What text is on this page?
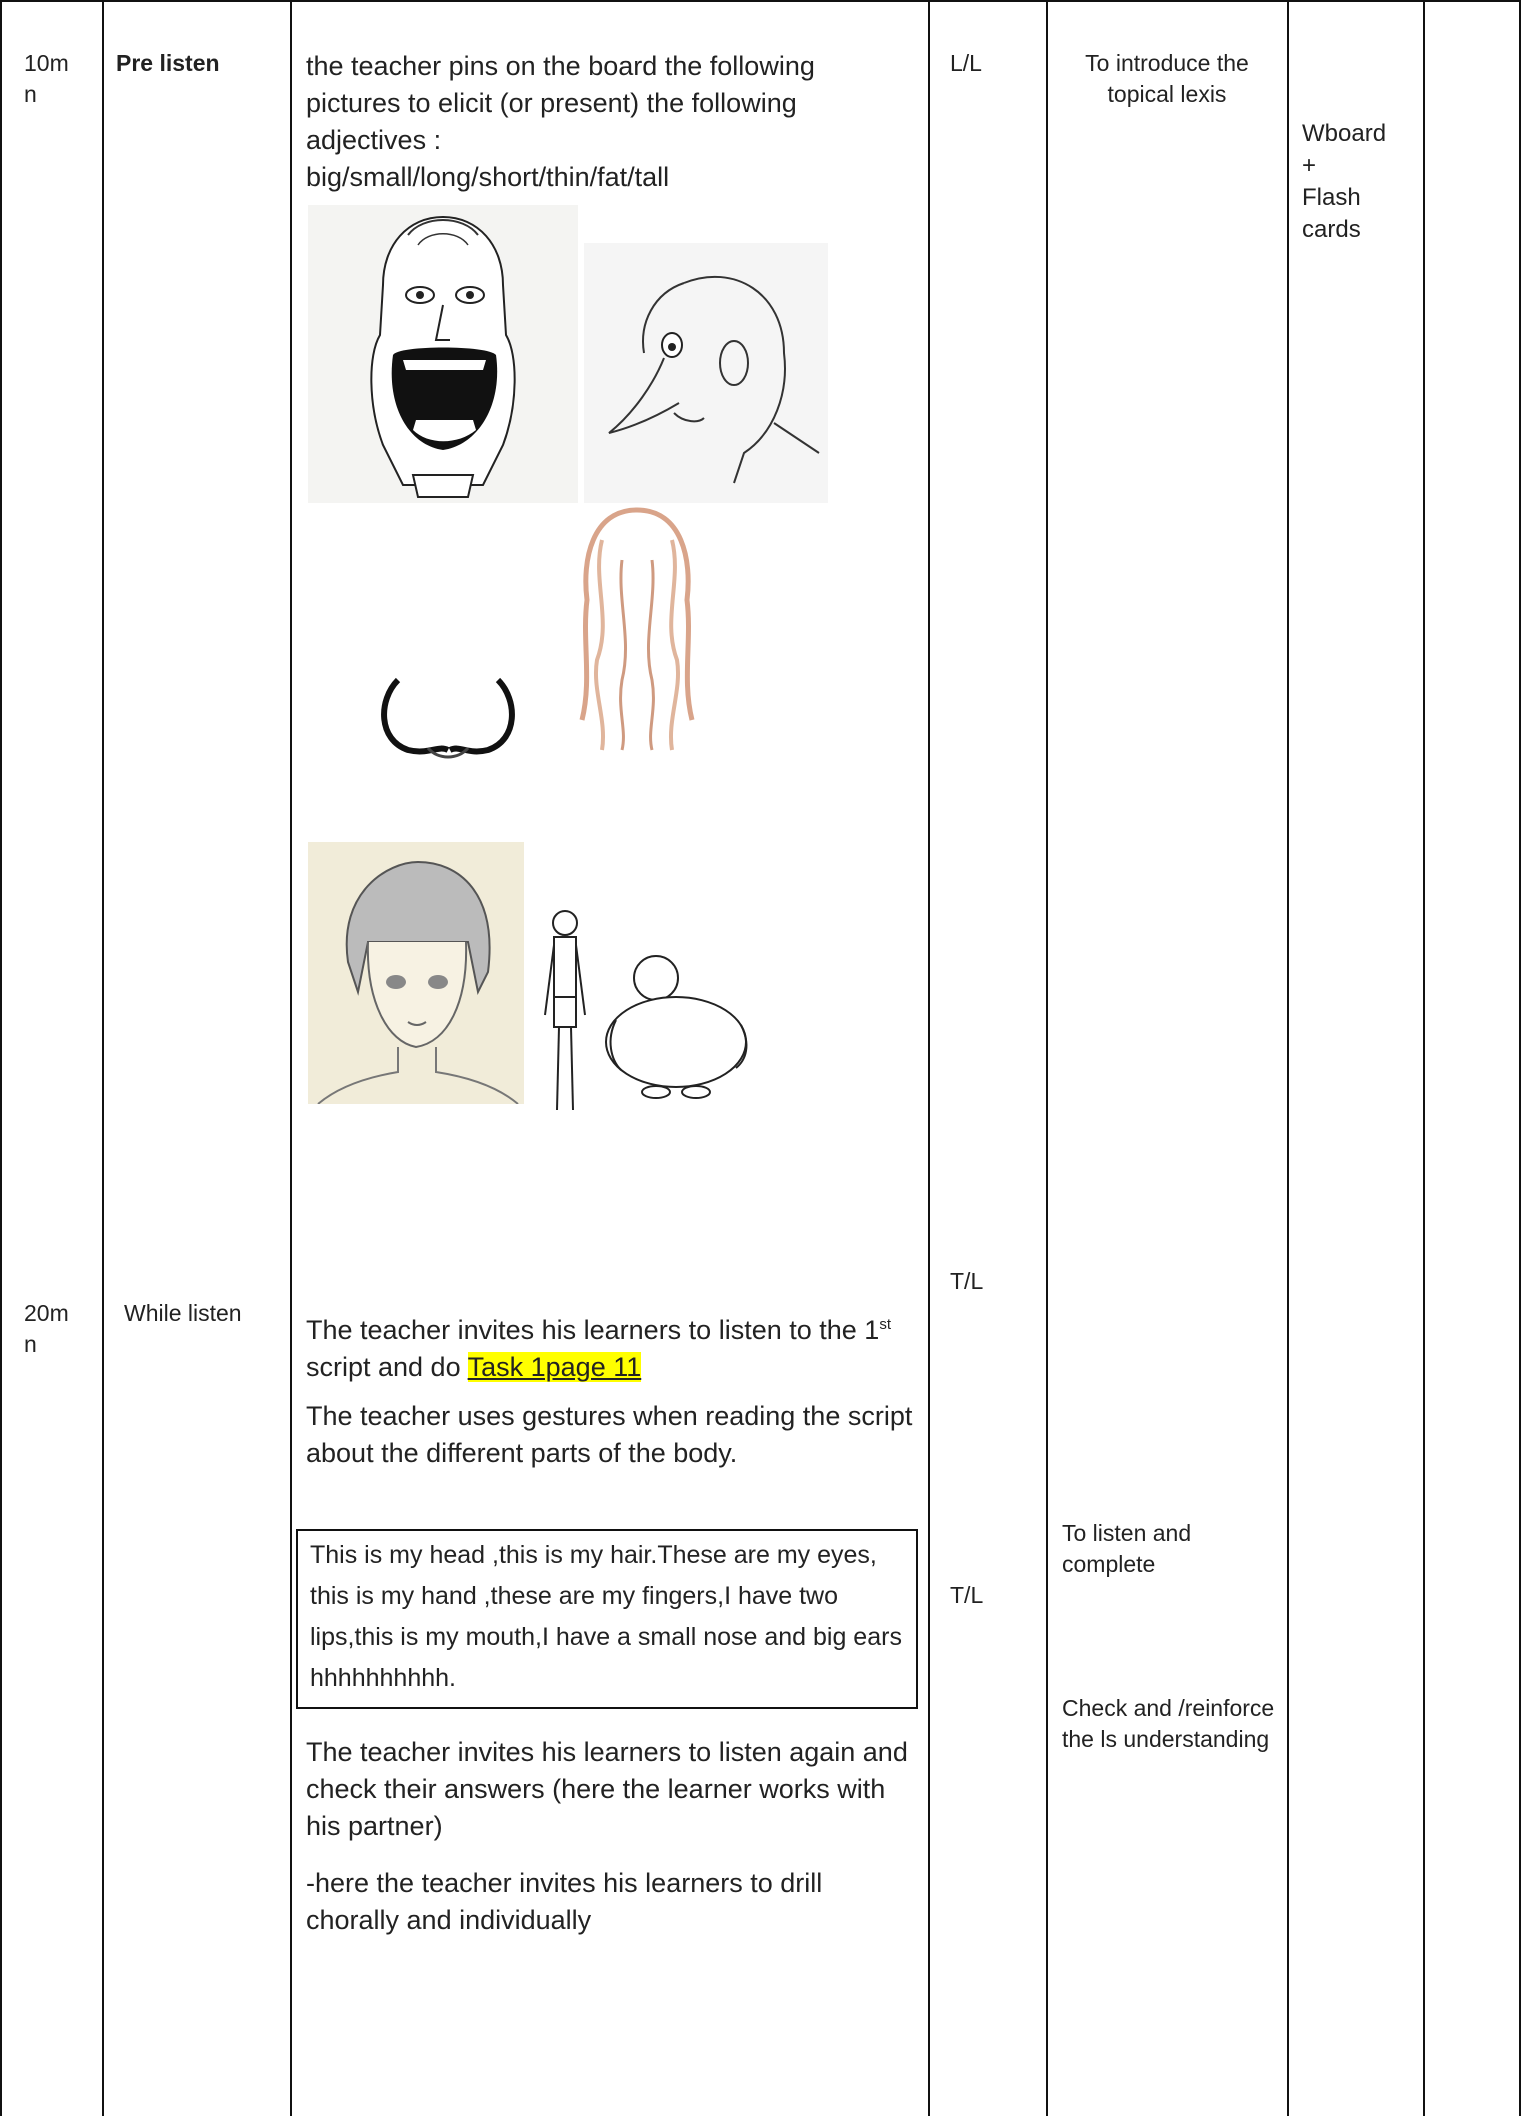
10m
n
Pre listen	the teacher pins on the board the following pictures to elicit (or present) the following adjectives :
big/small/long/short/thin/fat/tall
L/L	To introduce the topical lexis
Wboard
+
Flash
cards
20m
n
While listen
T/L
T/L
The teacher invites his learners to listen to the 1st script and do Task 1page 11
The teacher uses gestures when reading the script about the different parts of the body.
This is my head ,this is my hair.These are my eyes, this is my hand ,these are my fingers,I have two lips,this is my mouth,I have a small nose and big ears hhhhhhhhhh.
The teacher invites his learners to listen again and check their answers (here the learner works with his partner)
-here the teacher invites his learners to drill chorally and individually
To listen and complete
Check and /reinforce the ls understanding
